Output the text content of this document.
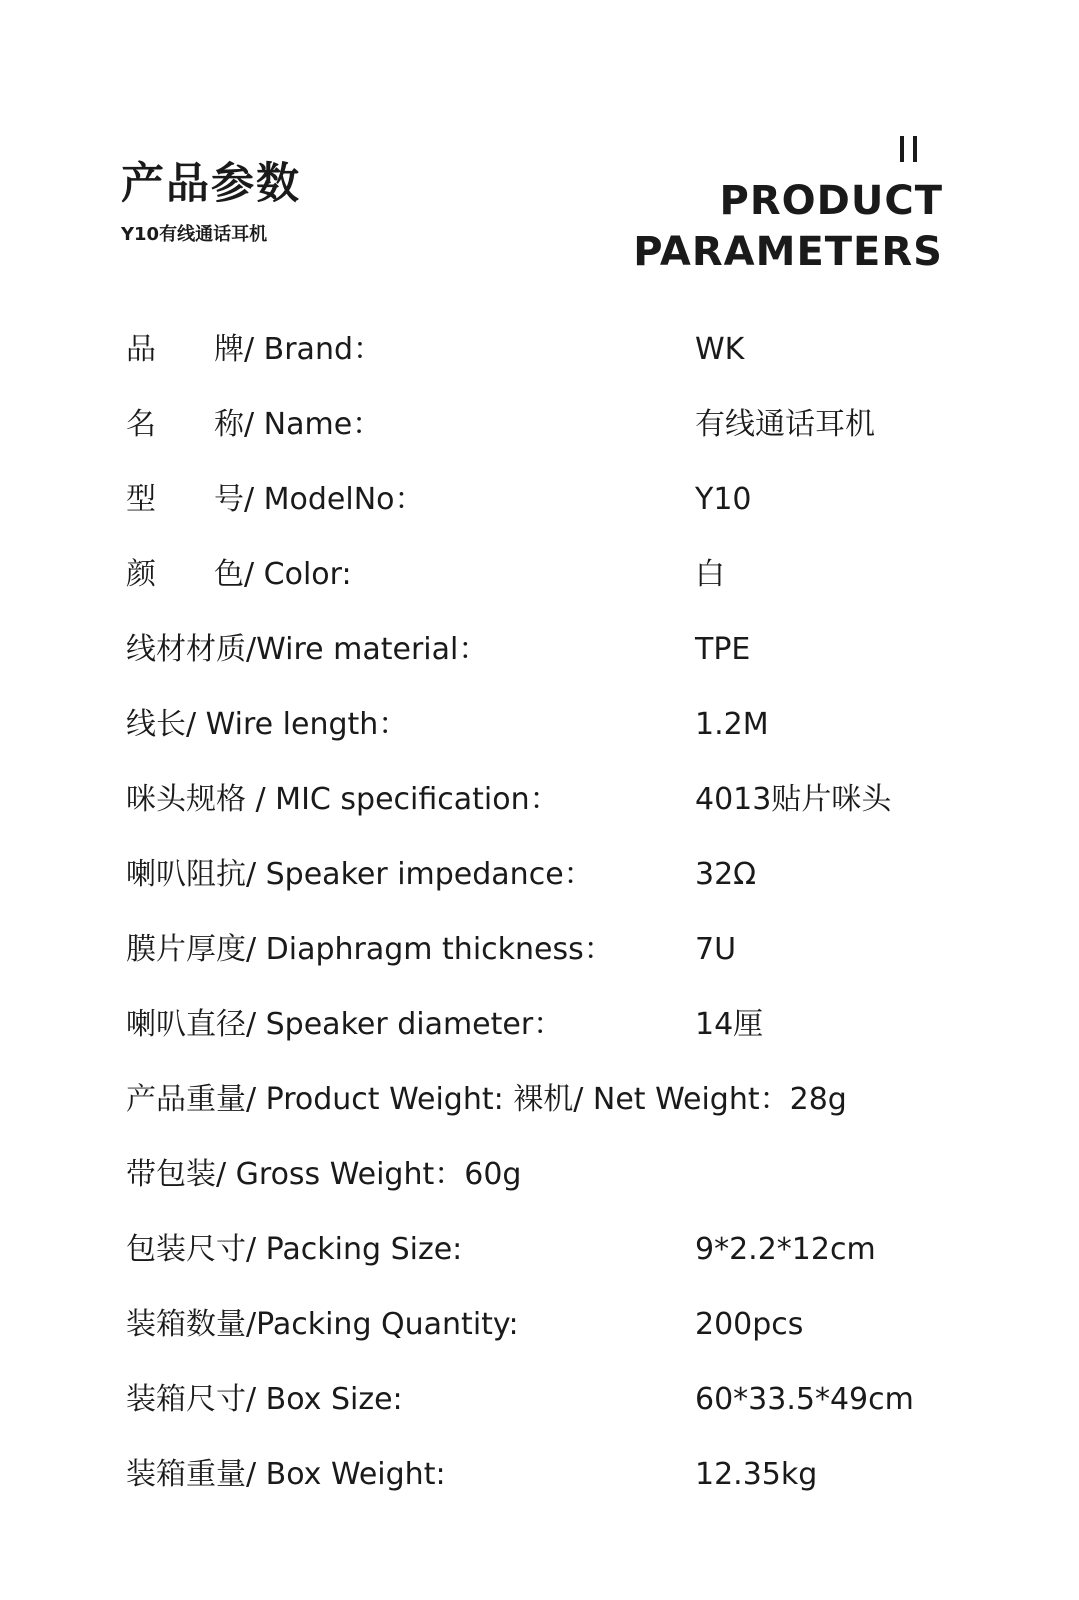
产品参数
Y10有线通话耳机
PRODUCT
PARAMETERS
品 牌/ Brand：	WK
名 称/ Name：	有线通话耳机
型 号/ ModelNo：	Y10
颜 色/ Color:	白
线材材质/Wire material：	TPE
线长/ Wire length：	1.2M
咪头规格 / MIC specification：	4013贴片咪头
喇叭阻抗/ Speaker impedance：	32Ω
膜片厚度/ Diaphragm thickness：	7U
喇叭直径/ Speaker diameter：	14厘
产品重量/ Product Weight: 裸机/ Net Weight：28g
带包装/ Gross Weight：60g
包装尺寸/ Packing Size:	9*2.2*12cm
装箱数量/Packing Quantity:	200pcs
装箱尺寸/ Box Size:	60*33.5*49cm
装箱重量/ Box Weight:	12.35kg
